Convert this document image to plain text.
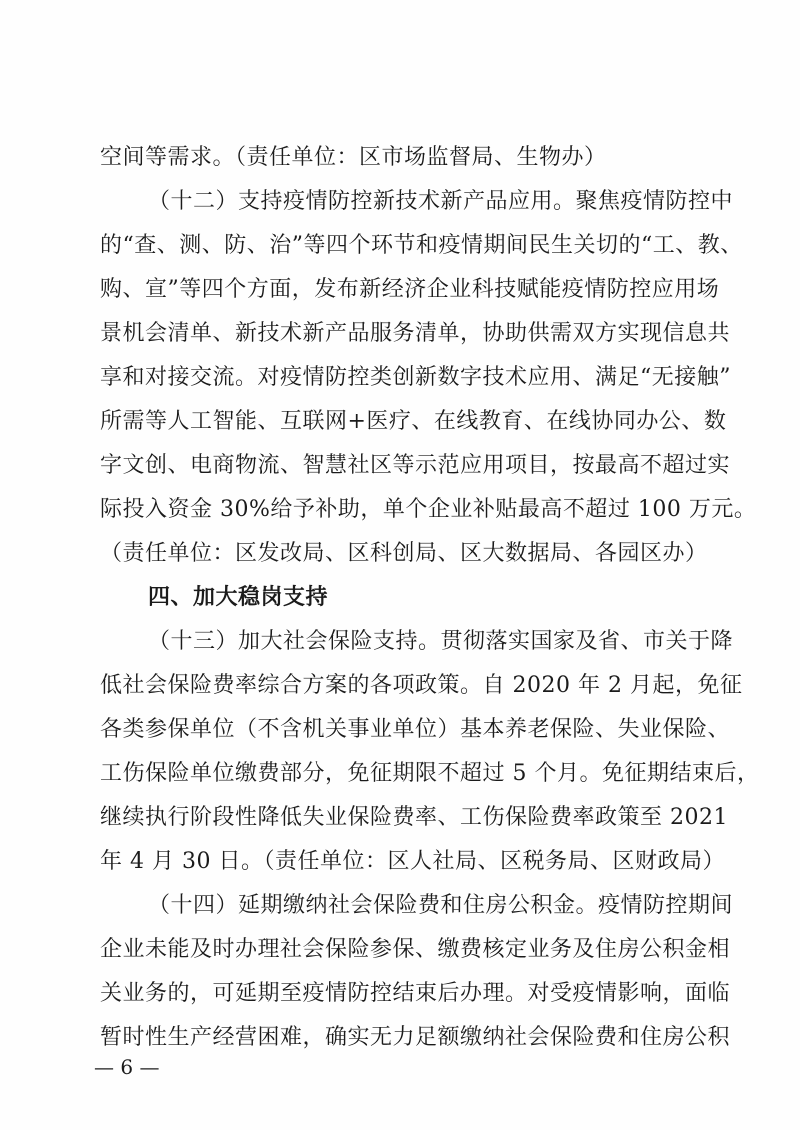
空间等需求。（责任单位：区市场监督局、生物办）
（十二）支持疫情防控新技术新产品应用。聚焦疫情防控中
的“查、测、防、治”等四个环节和疫情期间民生关切的“工、教、
购、宣”等四个方面，发布新经济企业科技赋能疫情防控应用场
景机会清单、新技术新产品服务清单，协助供需双方实现信息共
享和对接交流。对疫情防控类创新数字技术应用、满足“无接触”
所需等人工智能、互联网+医疗、在线教育、在线协同办公、数
字文创、电商物流、智慧社区等示范应用项目，按最高不超过实
际投入资金 30%给予补助，单个企业补贴最高不超过 100 万元。
（责任单位：区发改局、区科创局、区大数据局、各园区办）
四、加大稳岗支持
（十三）加大社会保险支持。贯彻落实国家及省、市关于降
低社会保险费率综合方案的各项政策。自 2020 年 2 月起，免征
各类参保单位（不含机关事业单位）基本养老保险、失业保险、
工伤保险单位缴费部分，免征期限不超过 5 个月。免征期结束后，
继续执行阶段性降低失业保险费率、工伤保险费率政策至 2021
年 4 月 30 日。（责任单位：区人社局、区税务局、区财政局）
（十四）延期缴纳社会保险费和住房公积金。疫情防控期间
企业未能及时办理社会保险参保、缴费核定业务及住房公积金相
关业务的，可延期至疫情防控结束后办理。对受疫情影响，面临
暂时性生产经营困难，确实无力足额缴纳社会保险费和住房公积
— 6 —
